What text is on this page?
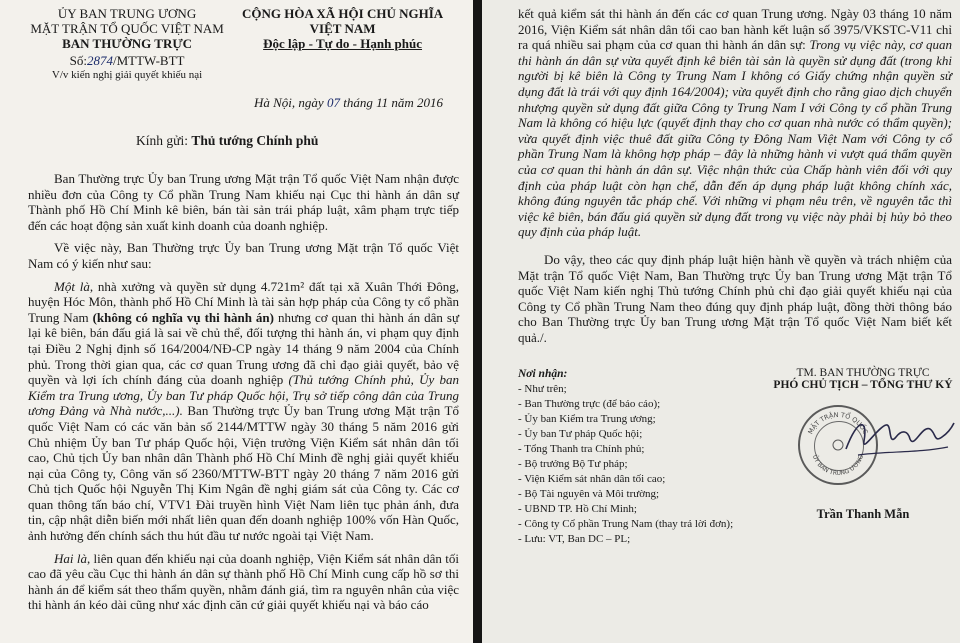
ỦY BAN TRUNG ƯƠNG
MẶT TRẬN TỔ QUỐC VIỆT NAM
BAN THƯỜNG TRỰC
Số:2874/MTTW-BTT
V/v kiến nghị giải quyết khiếu nại
CỘNG HÒA XÃ HỘI CHỦ NGHĨA VIỆT NAM
Độc lập - Tự do - Hạnh phúc
Hà Nội, ngày 07 tháng 11 năm 2016
Kính gửi: Thủ tướng Chính phủ

Ban Thường trực Ủy ban Trung ương Mặt trận Tổ quốc Việt Nam nhận được nhiều đơn của Công ty Cổ phần Trung Nam khiếu nại Cục thi hành án dân sự Thành phố Hồ Chí Minh kê biên, bán tài sản trái pháp luật, xâm phạm trực tiếp đến các hoạt động sản xuất kinh doanh của doanh nghiệp.

Về việc này, Ban Thường trực Ủy ban Trung ương Mặt trận Tổ quốc Việt Nam có ý kiến như sau:

Một là, nhà xưởng và quyền sử dụng 4.721m² đất tại xã Xuân Thới Đông, huyện Hóc Môn, thành phố Hồ Chí Minh là tài sản hợp pháp của Công ty cổ phần Trung Nam (không có nghĩa vụ thi hành án) nhưng cơ quan thi hành án dân sự lại kê biên, bán đấu giá là sai về chủ thể, đối tượng thi hành án, vi phạm quy định tại Điều 2 Nghị định số 164/2004/NĐ-CP ngày 14 tháng 9 năm 2004 của Chính phủ. Trong thời gian qua, các cơ quan Trung ương đã chỉ đạo giải quyết, bảo vệ quyền và lợi ích chính đáng của doanh nghiệp (Thủ tướng Chính phủ, Ủy ban Kiểm tra Trung ương, Ủy ban Tư pháp Quốc hội, Trụ sở tiếp công dân của Trung ương Đảng và Nhà nước,...). Ban Thường trực Ủy ban Trung ương Mặt trận Tổ quốc Việt Nam có các văn bản số 2144/MTTW ngày 30 tháng 5 năm 2016 gửi Chủ nhiệm Ủy ban Tư pháp Quốc hội, Viện trưởng Viện Kiểm sát nhân dân tối cao, Chủ tịch Ủy ban nhân dân Thành phố Hồ Chí Minh đề nghị giải quyết khiếu nại của Công ty, Công văn số 2360/MTTW-BTT ngày 20 tháng 7 năm 2016 gửi Chủ tịch Quốc hội Nguyễn Thị Kim Ngân đề nghị giám sát của Công ty. Các cơ quan thông tấn báo chí, VTV1 Đài truyền hình Việt Nam liên tục phản ánh, đưa tin, cập nhật diễn biến mới nhất liên quan đến doanh nghiệp 100% vốn Hàn Quốc, ảnh hưởng đến chính sách thu hút đầu tư nước ngoài tại Việt Nam.

Hai là, liên quan đến khiếu nại của doanh nghiệp, Viện Kiểm sát nhân dân tối cao đã yêu cầu Cục thi hành án dân sự thành phố Hồ Chí Minh cung cấp hồ sơ thi hành án để kiểm sát theo thẩm quyền, nhằm đánh giá, tìm ra nguyên nhân của việc thi hành án kéo dài cũng như xác định căn cứ giải quyết khiếu nại và báo cáo

kết quả kiểm sát thi hành án đến các cơ quan Trung ương. Ngày 03 tháng 10 năm 2016, Viện Kiểm sát nhân dân tối cao ban hành kết luận số 3975/VKSTC-V11 chỉ ra quá nhiều sai phạm của cơ quan thi hành án dân sự: Trong vụ việc này, cơ quan thi hành án dân sự vừa quyết định kê biên tài sản là quyền sử dụng đất (trong khi người bị kê biên là Công ty Trung Nam I không có Giấy chứng nhận quyền sử dụng đất là trái với quy định 164/2004); vừa quyết định cho rằng giao dịch chuyển nhượng quyền sử dụng đất giữa Công ty Trung Nam I với Công ty cổ phần Trung Nam là không có hiệu lực (quyết định thay cho cơ quan nhà nước có thẩm quyền); vừa quyết định việc thuê đất giữa Công ty Đông Nam Việt Nam với Công ty cổ phần Trung Nam là không hợp pháp – đây là những hành vi vượt quá thẩm quyền của cơ quan thi hành án dân sự. Việc nhận thức của Chấp hành viên đối với quy định của pháp luật còn hạn chế, dẫn đến áp dụng pháp luật không chính xác, không đúng nguyên tắc pháp chế. Với những vi phạm nêu trên, về nguyên tắc thì việc kê biên, bán đấu giá quyền sử dụng đất trong vụ việc này phải bị hủy bỏ theo quy định của pháp luật.

Do vậy, theo các quy định pháp luật hiện hành về quyền và trách nhiệm của Mặt trận Tổ quốc Việt Nam, Ban Thường trực Ủy ban Trung ương Mặt trận Tổ quốc Việt Nam kiến nghị Thủ tướng Chính phủ chỉ đạo giải quyết khiếu nại của Công ty Cổ phần Trung Nam theo đúng quy định pháp luật, đồng thời thông báo cho Ban Thường trực Ủy ban Trung ương Mặt trận Tổ quốc Việt Nam biết kết quả./.

Nơi nhận:
- Như trên;
- Ban Thường trực (để báo cáo);
- Ủy ban Kiểm tra Trung ương;
- Ủy ban Tư pháp Quốc hội;
- Tổng Thanh tra Chính phủ;
- Bộ trưởng Bộ Tư pháp;
- Viện Kiểm sát nhân dân tối cao;
- Bộ Tài nguyên và Môi trường;
- UBND TP. Hồ Chí Minh;
- Công ty Cổ phần Trung Nam (thay trả lời đơn);
- Lưu: VT, Ban DC – PL;
TM. BAN THƯỜNG TRỰC
PHÓ CHỦ TỊCH – TỔNG THƯ KÝ
MẶT TRẬN TỔ QUỐC
ỦY BAN TRUNG ƯƠNG
Trần Thanh Mẫn
